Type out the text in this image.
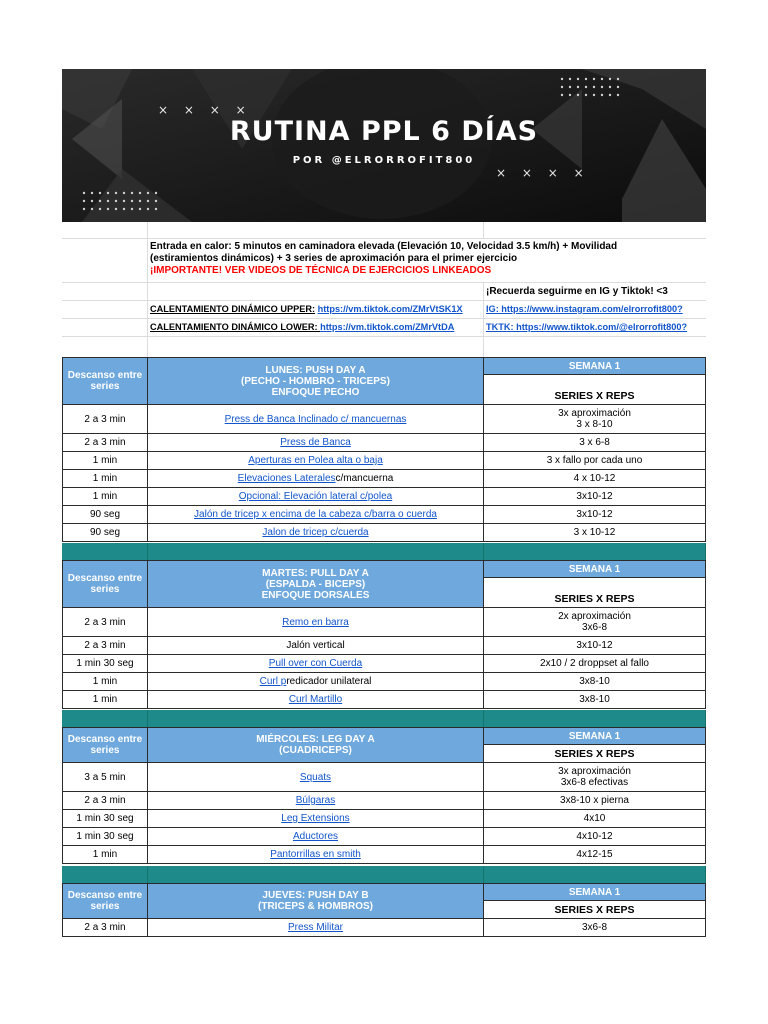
× × × ×
× × × ×
RUTINA PPL 6 DÍAS
POR @ELRORROFIT800
Entrada en calor: 5 minutos en caminadora elevada (Elevación 10, Velocidad 3.5 km/h) + Movilidad
(estiramientos dinámicos) + 3 series de aproximación para el primer ejercicio
¡IMPORTANTE! VER VIDEOS DE TÉCNICA DE EJERCICIOS LINKEADOS
¡Recuerda seguirme en IG y Tiktok! <3
CALENTAMIENTO DINÁMICO UPPER: https://vm.tiktok.com/ZMrVtSK1X	IG: https://www.instagram.com/elrorrofit800?
CALENTAMIENTO DINÁMICO LOWER: https://vm.tiktok.com/ZMrVtDA	TKTK: https://www.tiktok.com/@elrorrofit800?
Descanso entre series
LUNES: PUSH DAY A
(PECHO - HOMBRO - TRICEPS)
ENFOQUE PECHO
SEMANA 1
SERIES X REPS
2 a 3 min	Press de Banca Inclinado c/ mancuernas	3x aproximación
3 x 8-10
2 a 3 min	Press de Banca	3 x 6-8
1 min	Aperturas en Polea alta o baja	3 x fallo por cada uno
1 min	Elevaciones Laterales c/mancuerna	4 x 10-12
1 min	Opcional: Elevación lateral c/polea	3x10-12
90 seg	Jalón de tricep x encima de la cabeza c/barra o cuerda	3x10-12
90 seg	Jalon de tricep c/cuerda	3 x 10-12
Descanso entre series
MARTES: PULL DAY A
(ESPALDA - BICEPS)
ENFOQUE DORSALES
SEMANA 1
SERIES X REPS
2 a 3 min	Remo en barra	2x aproximación
3x6-8
2 a 3 min	Jalón vertical	3x10-12
1 min 30 seg	Pull over con Cuerda	2x10 / 2 droppset al fallo
1 min	Curl p redicador unilateral	3x8-10
1 min	Curl Martillo	3x8-10
Descanso entre series
MIÉRCOLES: LEG DAY A
(CUADRICEPS)
SEMANA 1
SERIES X REPS
3 a 5 min	Squats	3x aproximación
3x6-8 efectivas
2 a 3 min	Búlgaras	3x8-10 x pierna
1 min 30 seg	Leg Extensions	4x10
1 min 30 seg	Aductores	4x10-12
1 min	Pantorrillas en smith	4x12-15
Descanso entre series
JUEVES: PUSH DAY B
(TRICEPS & HOMBROS)
SEMANA 1
SERIES X REPS
2 a 3 min	Press Militar	3x6-8
